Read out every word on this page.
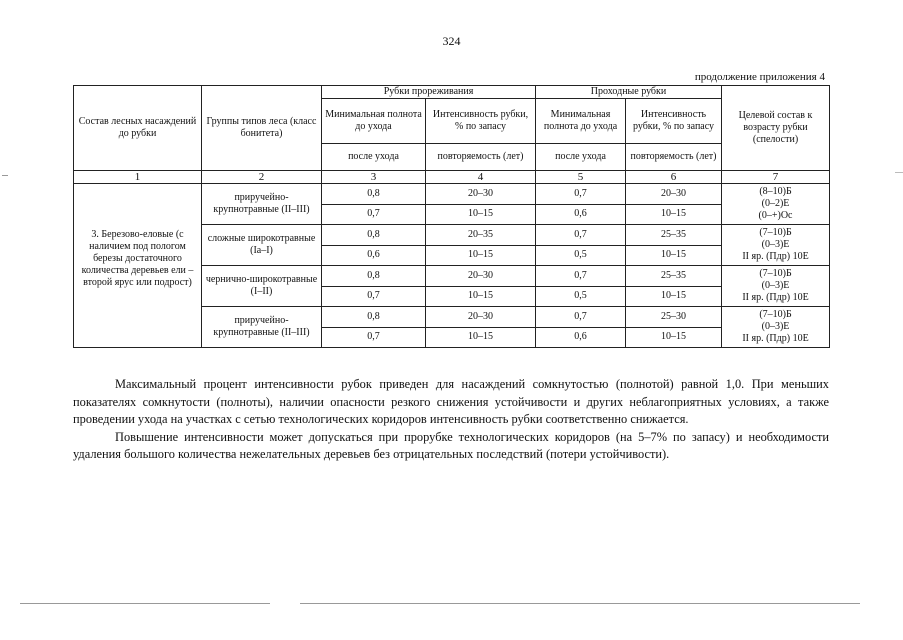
324
продолжение приложения 4
Состав лесных насаждений до рубки	Группы типов леса (класс бонитета)	Рубки прореживания		Проходные рубки		Целевой состав к возрасту рубки (спелости)
		Минимальная полнота до ухода	Интенсивность рубки, % по запасу	Минимальная полнота до ухода	Интенсивность рубки, % по запасу	
		после ухода	повторяемость (лет)	после ухода	повторяемость (лет)	
1	2	3	4	5	6	7
	приручейно-крупнотравные (II–III)	0,8	20–30	0,7	20–30	(8–10)Б
(0–2)Е
(0–+)Ос

		0,7	10–15	0,6	10–15	
3. Березово-еловые (с наличием под пологом березы достаточного количества деревьев ели – второй ярус или подрост)	сложные широкотравные (Ia–I)	0,8	20–35	0,7	25–35	(7–10)Б
(0–3)Е
II яр. (Пдр) 10Е

		0,6	10–15	0,5	10–15	
	чернично-широкотравные (I–II)	0,8	20–30	0,7	25–35	(7–10)Б
(0–3)Е
II яр. (Пдр) 10Е

		0,7	10–15	0,5	10–15	
	приручейно-крупнотравные (II–III)	0,8	20–30	0,7	25–30	(7–10)Б
(0–3)Е
II яр. (Пдр) 10Е

		0,7	10–15	0,6	10–15	

Максимальный процент интенсивности рубок приведен для насаждений сомкнутостью (полнотой) равной 1,0. При меньших показателях сомкнутости (полноты), наличии опасности резкого снижения устойчивости и других неблагоприятных условиях, а также проведении ухода на участках с сетью технологических коридоров интенсивность рубки соответственно снижается.

Повышение интенсивности может допускаться при прорубке технологических коридоров (на 5–7% по запасу) и необходимости удаления большого количества нежелательных деревьев без отрицательных последствий (потери устойчивости).
